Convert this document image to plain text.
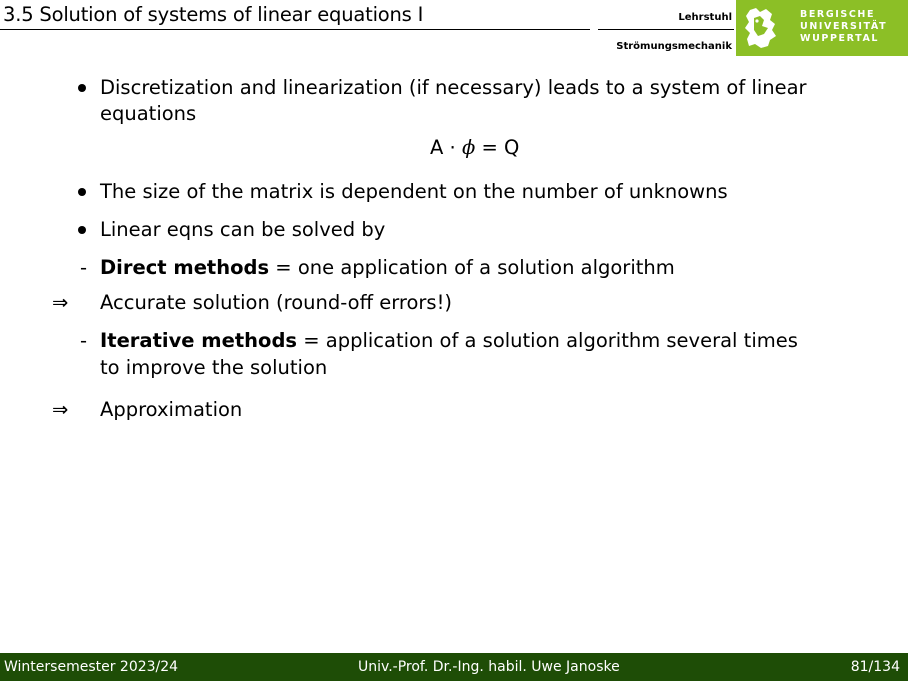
3.5 Solution of systems of linear equations I	Lehrstuhl
Strömungsmechanik
BERGISCHE
UNIVERSITÄT
WUPPERTAL
Discretization and linearization (if necessary) leads to a system of linear
equations
A · ϕ = Q
The size of the matrix is dependent on the number of unknowns
Linear eqns can be solved by
- Direct methods = one application of a solution algorithm
⇒ Accurate solution (round-off errors!)
- Iterative methods = application of a solution algorithm several times
to improve the solution
⇒ Approximation
Wintersemester 2023/24	Univ.-Prof. Dr.-Ing. habil. Uwe Janoske	81/134
